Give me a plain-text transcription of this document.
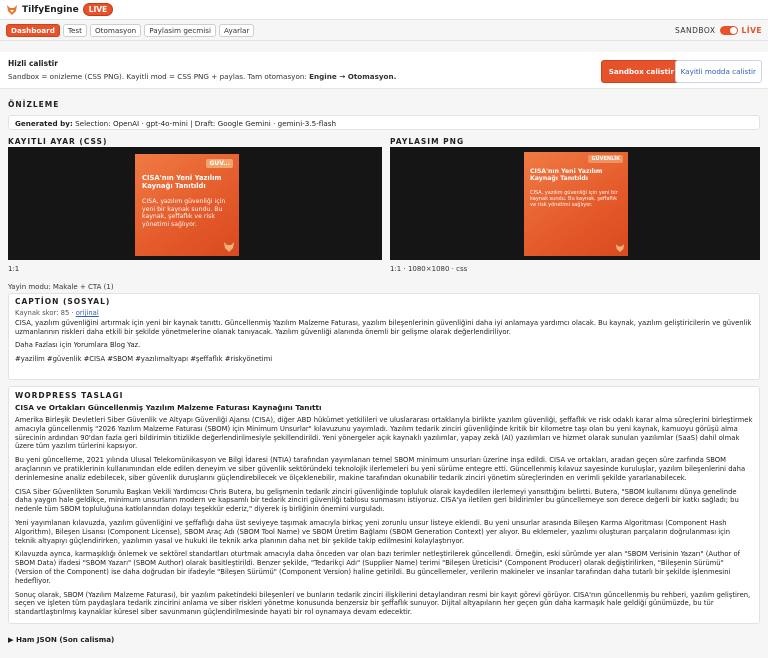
TilfyEngine	LIVE
Dashboard	Test	Otomasyon	Paylasim gecmisi	Ayarlar	SANDBOX	LİVE
Hizli calistir
Sandbox = onizleme (CSS PNG). Kayitli mod = CSS PNG + paylas. Tam otomasyon: Engine → Otomasyon.
Sandbox calistir Kayitli modda calistir
ÖNİZLEME
Generated by: Selection: OpenAI · gpt-4o-mini | Draft: Google Gemini · gemini-3.5-flash
KAYITLI AYAR (CSS)	PAYLASIM PNG
GUV...
CISA'nın Yeni Yazılım Kaynağı Tanıtıldı
CISA, yazılım güvenliği için yeni bir kaynak sundu. Bu kaynak, şeffaflık ve risk yönetimi sağlıyor.
GÜVENLİK
CISA'nın Yeni Yazılım Kaynağı Tanıtıldı
CISA, yazılım güvenliği için yeni bir kaynak sundu. Bu kaynak, şeffaflık ve risk yönetimi sağlıyor.
1:1	1:1 · 1080×1080 · css
Yayin modu: Makale + CTA (1)
CAPTİON (SOSYAL)
Kaynak skor: 85 · orijinal
CISA, yazılım güvenliğini artırmak için yeni bir kaynak tanıttı. Güncellenmiş Yazılım Malzeme Faturası, yazılım bileşenlerinin güvenliğini daha iyi anlamaya yardımcı olacak. Bu kaynak, yazılım geliştiricilerin ve güvenlik uzmanlarının riskleri daha etkili bir şekilde yönetmelerine olanak tanıyacak. Yazılım güvenliği alanında önemli bir gelişme olarak değerlendiriliyor.
Daha Fazlası için Yorumlara Blog Yaz.
#yazilim #güvenlik #CISA #SBOM #yazılımaltyapı #şeffaflık #riskyönetimi
WORDPRESS TASLAGI
CISA ve Ortakları Güncellenmiş Yazılım Malzeme Faturası Kaynağını Tanıttı
Amerika Birleşik Devletleri Siber Güvenlik ve Altyapı Güvenliği Ajansı (CISA), diğer ABD hükümet yetkilileri ve uluslararası ortaklarıyla birlikte yazılım güvenliği, şeffaflık ve risk odaklı karar alma süreçlerini birleştirmek amacıyla güncellenmiş "2026 Yazılım Malzeme Faturası (SBOM) için Minimum Unsurlar" kılavuzunu yayımladı. Yazılım tedarik zinciri güvenliğinde kritik bir kilometre taşı olan bu yeni kaynak, kamuoyu görüşü alma sürecinin ardından 90'dan fazla geri bildirimin titizlikle değerlendirilmesiyle şekillendirildi. Yeni yönergeler açık kaynaklı yazılımlar, yapay zekâ (AI) yazılımları ve hizmet olarak sunulan yazılımlar (SaaS) dahil olmak üzere tüm yazılım türlerini kapsıyor.
Bu yeni güncelleme, 2021 yılında Ulusal Telekomünikasyon ve Bilgi İdaresi (NTIA) tarafından yayımlanan temel SBOM minimum unsurları üzerine inşa edildi. CISA ve ortakları, aradan geçen süre zarfında SBOM araçlarının ve pratiklerinin kullanımından elde edilen deneyim ve siber güvenlik sektöründeki teknolojik ilerlemeleri bu yeni sürüme entegre etti. Güncellenmiş kılavuz sayesinde kuruluşlar, yazılım bileşenlerini daha derinlemesine analiz edebilecek, siber güvenlik duruşlarını güçlendirebilecek ve ölçeklenebilir, makine tarafından okunabilir tedarik zinciri yönetim süreçlerinden en verimli şekilde yararlanabilecek.
CISA Siber Güvenlikten Sorumlu Başkan Vekili Yardımcısı Chris Butera, bu gelişmenin tedarik zinciri güvenliğinde topluluk olarak kaydedilen ilerlemeyi yansıttığını belirtti. Butera, "SBOM kullanımı dünya genelinde daha yaygın hale geldikçe, minimum unsurların modern ve kapsamlı bir tedarik zinciri güvenliği tablosu sunmasını istiyoruz. CISA'ya iletilen geri bildirimler bu güncellemeye son derece değerli bir katkı sağladı; bu nedenle tüm SBOM topluluğuna katkılarından dolayı teşekkür ederiz," diyerek iş birliğinin önemini vurguladı.
Yeni yayımlanan kılavuzda, yazılım güvenliğini ve şeffaflığı daha üst seviyeye taşımak amacıyla birkaç yeni zorunlu unsur listeye eklendi. Bu yeni unsurlar arasında Bileşen Karma Algoritması (Component Hash Algorithm), Bileşen Lisansı (Component License), SBOM Araç Adı (SBOM Tool Name) ve SBOM Üretim Bağlamı (SBOM Generation Context) yer alıyor. Bu eklemeler, yazılımı oluşturan parçaların doğrulanması için teknik altyapıyı güçlendirirken, yazılımın yasal ve hukuki ile teknik arka planının daha net bir şekilde takip edilmesini kolaylaştırıyor.
Kılavuzda ayrıca, karmaşıklığı önlemek ve sektörel standartları oturtmak amacıyla daha önceden var olan bazı terimler netleştirilerek güncellendi. Örneğin, eski sürümde yer alan "SBOM Verisinin Yazarı" (Author of SBOM Data) ifadesi "SBOM Yazarı" (SBOM Author) olarak basitleştirildi. Benzer şekilde, "Tedarikçi Adı" (Supplier Name) terimi "Bileşen Üreticisi" (Component Producer) olarak değiştirilirken, "Bileşenin Sürümü" (Version of the Component) ise daha doğrudan bir ifadeyle "Bileşen Sürümü" (Component Version) haline getirildi. Bu güncellemeler, verilerin makineler ve insanlar tarafından daha tutarlı bir şekilde işlenmesini hedefliyor.
Sonuç olarak, SBOM (Yazılım Malzeme Faturası), bir yazılım paketindeki bileşenleri ve bunların tedarik zinciri ilişkilerini detaylandıran resmi bir kayıt görevi görüyor. CISA'nın güncellenmiş bu rehberi, yazılım geliştiren, seçen ve işleten tüm paydaşlara tedarik zincirini anlama ve siber riskleri yönetme konusunda benzersiz bir şeffaflık sunuyor. Dijital altyapıların her geçen gün daha karmaşık hale geldiği günümüzde, bu tür standartlaştırılmış kaynaklar küresel siber savunmanın güçlendirilmesinde hayati bir rol oynamaya devam edecektir.
▶ Ham JSON (Son calisma)
